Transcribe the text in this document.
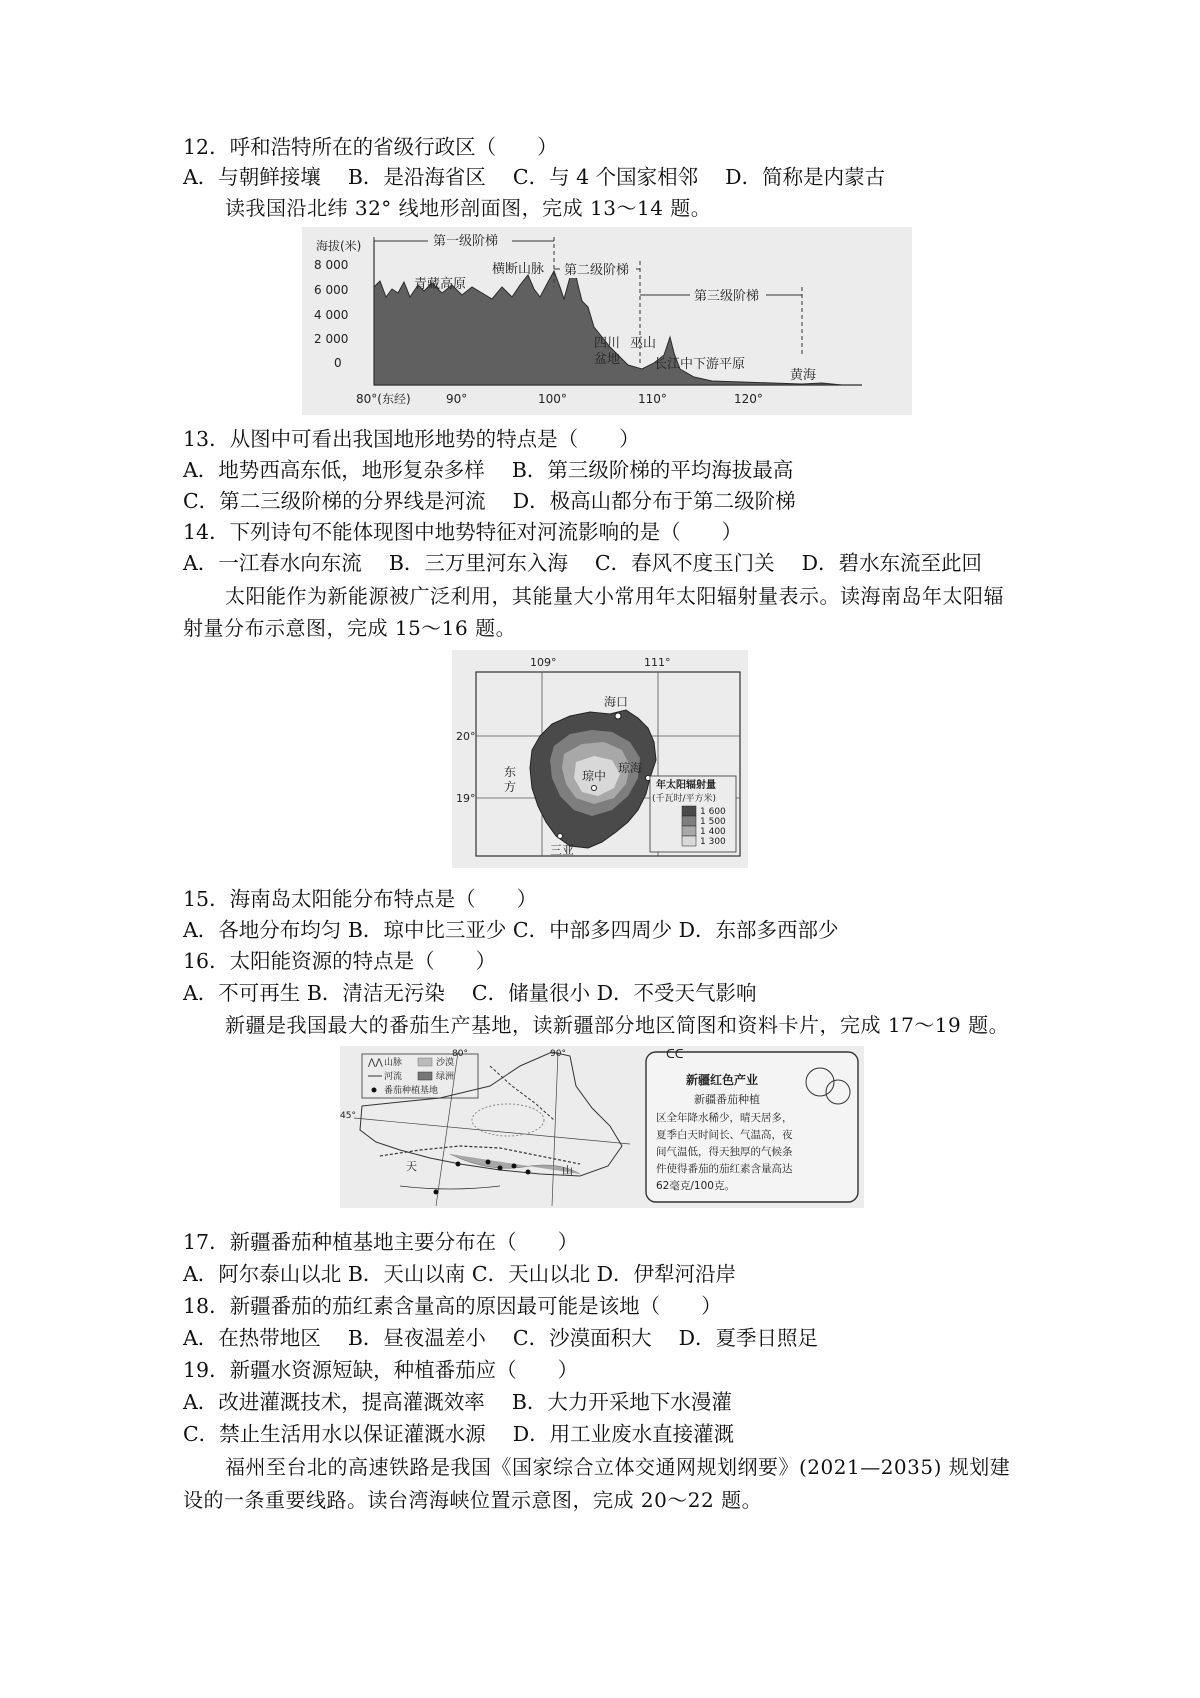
12．呼和浩特所在的省级行政区（　　）
A．与朝鲜接壤　 B．是沿海省区　 C．与 4 个国家相邻　 D．简称是内蒙古
读我国沿北纬 32° 线地形剖面图，完成 13～14 题。
海拔(米)
8 000
6 000
4 000
2 000
0
第一级阶梯
第二级阶梯
第三级阶梯
青藏高原
横断山脉
四川
盆地
巫山
长江中下游平原
黄海
80°(东经)	90°	100°	110°	120°
13．从图中可看出我国地形地势的特点是（　　）
A．地势西高东低，地形复杂多样　 B．第三级阶梯的平均海拔最高
C．第二三级阶梯的分界线是河流　 D．极高山都分布于第二级阶梯
14．下列诗句不能体现图中地势特征对河流影响的是（　　）
A．一江春水向东流　 B．三万里河东入海　 C．春风不度玉门关　 D．碧水东流至此回
太阳能作为新能源被广泛利用，其能量大小常用年太阳辐射量表示。读海南岛年太阳辐
射量分布示意图，完成 15～16 题。
109°	111°
20°
19°
海口
琼中
琼海
东
方
三亚
年太阳辐射量
(千瓦时/平方米)
1 600
1 500
1 400
1 300
15．海南岛太阳能分布特点是（　　）
A．各地分布均匀 B．琼中比三亚少 C．中部多四周少 D．东部多西部少
16．太阳能资源的特点是（　　）
A．不可再生 B．清洁无污染　 C．储量很小 D．不受天气影响
新疆是我国最大的番茄生产基地，读新疆部分地区简图和资料卡片，完成 17～19 题。
⋀⋀ 山脉	沙漠
河流	绿洲
番茄种植基地
80°	90°
45°
天	山
ᑕᑕ
新疆红色产业
新疆番茄种植
区全年降水稀少，晴天居多，
夏季白天时间长、气温高，夜
间气温低，得天独厚的气候条
件使得番茄的茄红素含量高达
62毫克/100克。
17．新疆番茄种植基地主要分布在（　　）
A．阿尔泰山以北 B．天山以南 C．天山以北 D．伊犁河沿岸
18．新疆番茄的茄红素含量高的原因最可能是该地（　　）
A．在热带地区　 B．昼夜温差小　 C．沙漠面积大　 D．夏季日照足
19．新疆水资源短缺，种植番茄应（　　）
A．改进灌溉技术，提高灌溉效率　 B．大力开采地下水漫灌
C．禁止生活用水以保证灌溉水源　 D．用工业废水直接灌溉
福州至台北的高速铁路是我国《国家综合立体交通网规划纲要》(2021—2035) 规划建
设的一条重要线路。读台湾海峡位置示意图，完成 20～22 题。
